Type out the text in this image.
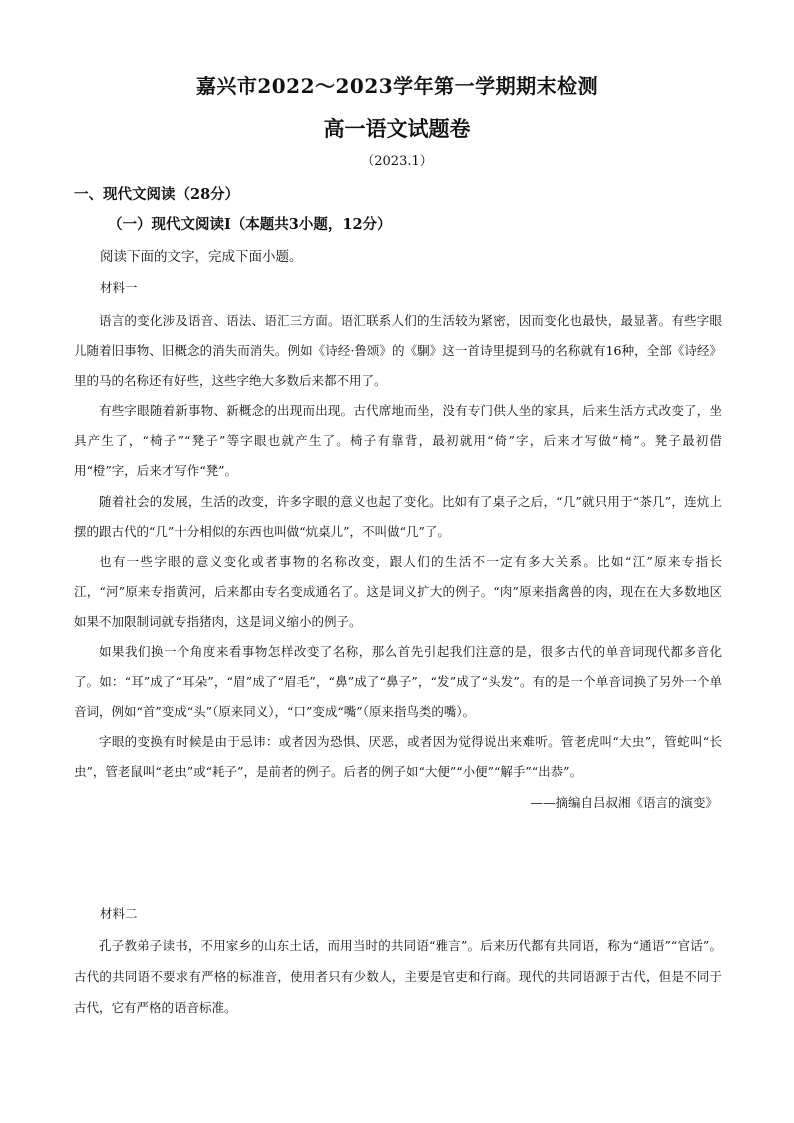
嘉兴市2022～2023学年第一学期期末检测
高一语文试题卷
（2023.1）
一、现代文阅读（28分）
（一）现代文阅读Ⅰ（本题共3小题，12分）
阅读下面的文字，完成下面小题。
材料一

语言的变化涉及语音、语法、语汇三方面。语汇联系人们的生活较为紧密，因而变化也最快，最显著。有些字眼儿随着旧事物、旧概念的消失而消失。例如《诗经·鲁颂》的《駉》这一首诗里提到马的名称就有16种，全部《诗经》里的马的名称还有好些，这些字绝大多数后来都不用了。

有些字眼随着新事物、新概念的出现而出现。古代席地而坐，没有专门供人坐的家具，后来生活方式改变了，坐具产生了，“椅子”“凳子”等字眼也就产生了。椅子有靠背，最初就用“倚”字，后来才写做“椅”。凳子最初借用“橙”字，后来才写作“凳”。

随着社会的发展，生活的改变，许多字眼的意义也起了变化。比如有了桌子之后，“几”就只用于“茶几”，连炕上摆的跟古代的“几”十分相似的东西也叫做“炕桌儿”，不叫做“几”了。

也有一些字眼的意义变化或者事物的名称改变，跟人们的生活不一定有多大关系。比如“江”原来专指长江，“河”原来专指黄河，后来都由专名变成通名了。这是词义扩大的例子。“肉”原来指禽兽的肉，现在在大多数地区如果不加限制词就专指猪肉，这是词义缩小的例子。

如果我们换一个角度来看事物怎样改变了名称，那么首先引起我们注意的是，很多古代的单音词现代都多音化了。如：“耳”成了“耳朵”，“眉”成了“眉毛”，“鼻”成了“鼻子”，“发”成了“头发”。有的是一个单音词换了另外一个单音词，例如“首”变成“头”（原来同义），“口”变成“嘴”（原来指鸟类的嘴）。

字眼的变换有时候是由于忌讳：或者因为恐惧、厌恶，或者因为觉得说出来难听。管老虎叫“大虫”，管蛇叫“长虫”，管老鼠叫“老虫”或“耗子”，是前者的例子。后者的例子如“大便”“小便”“解手”“出恭”。

——摘编自吕叔湘《语言的演变》

材料二

孔子教弟子读书，不用家乡的山东土话，而用当时的共同语“雅言”。后来历代都有共同语，称为“通语”“官话”。古代的共同语不要求有严格的标准音，使用者只有少数人，主要是官吏和行商。现代的共同语源于古代，但是不同于古代，它有严格的语音标准。
